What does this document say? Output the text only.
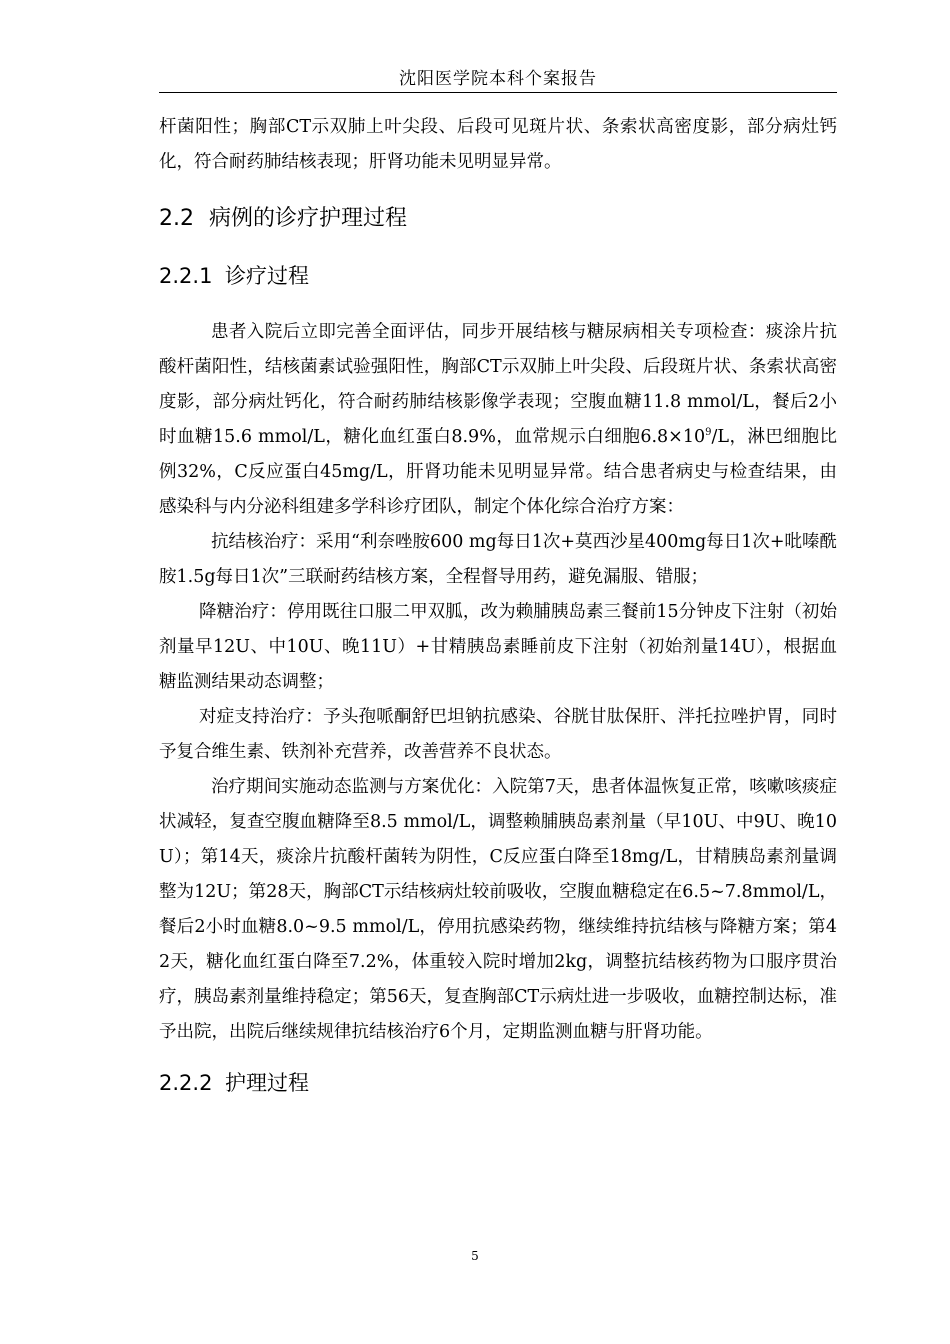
沈阳医学院本科个案报告

杆菌阳性；胸部CT示双肺上叶尖段、后段可见斑片状、条索状高密度影，部分病灶钙化，符合耐药肺结核表现；肝肾功能未见明显异常。

2.2 病例的诊疗护理过程
2.2.1 诊疗过程

患者入院后立即完善全面评估，同步开展结核与糖尿病相关专项检查：痰涂片抗酸杆菌阳性，结核菌素试验强阳性，胸部CT示双肺上叶尖段、后段斑片状、条索状高密度影，部分病灶钙化，符合耐药肺结核影像学表现；空腹血糖11.8 mmol/L，餐后2小时血糖15.6 mmol/L，糖化血红蛋白8.9%，血常规示白细胞$6.8\times 10^9/L$，淋巴细胞比例32%，C反应蛋白45mg/L，肝肾功能未见明显异常。结合患者病史与检查结果，由感染科与内分泌科组建多学科诊疗团队，制定个体化综合治疗方案：

抗结核治疗：采用“利奈唑胺600 mg每日1次+莫西沙星400mg每日1次+吡嗪酰胺1.5g每日1次”三联耐药结核方案，全程督导用药，避免漏服、错服；

降糖治疗：停用既往口服二甲双胍，改为赖脯胰岛素三餐前15分钟皮下注射（初始剂量早12U、中10U、晚11U）+甘精胰岛素睡前皮下注射（初始剂量14U），根据血糖监测结果动态调整；

对症支持治疗：予头孢哌酮舒巴坦钠抗感染、谷胱甘肽保肝、泮托拉唑护胃，同时予复合维生素、铁剂补充营养，改善营养不良状态。

治疗期间实施动态监测与方案优化：入院第7天，患者体温恢复正常，咳嗽咳痰症状减轻，复查空腹血糖降至8.5 mmol/L，调整赖脯胰岛素剂量（早10U、中9U、晚10U）；第14天，痰涂片抗酸杆菌转为阴性，C反应蛋白降至18mg/L，甘精胰岛素剂量调整为12U；第28天，胸部CT示结核病灶较前吸收，空腹血糖稳定在6.5~7.8mmol/L，餐后2小时血糖8.0~9.5 mmol/L，停用抗感染药物，继续维持抗结核与降糖方案；第42天，糖化血红蛋白降至7.2%，体重较入院时增加2kg，调整抗结核药物为口服序贯治疗，胰岛素剂量维持稳定；第56天，复查胸部CT示病灶进一步吸收，血糖控制达标，准予出院，出院后继续规律抗结核治疗6个月，定期监测血糖与肝肾功能。

2.2.2 护理过程
5
